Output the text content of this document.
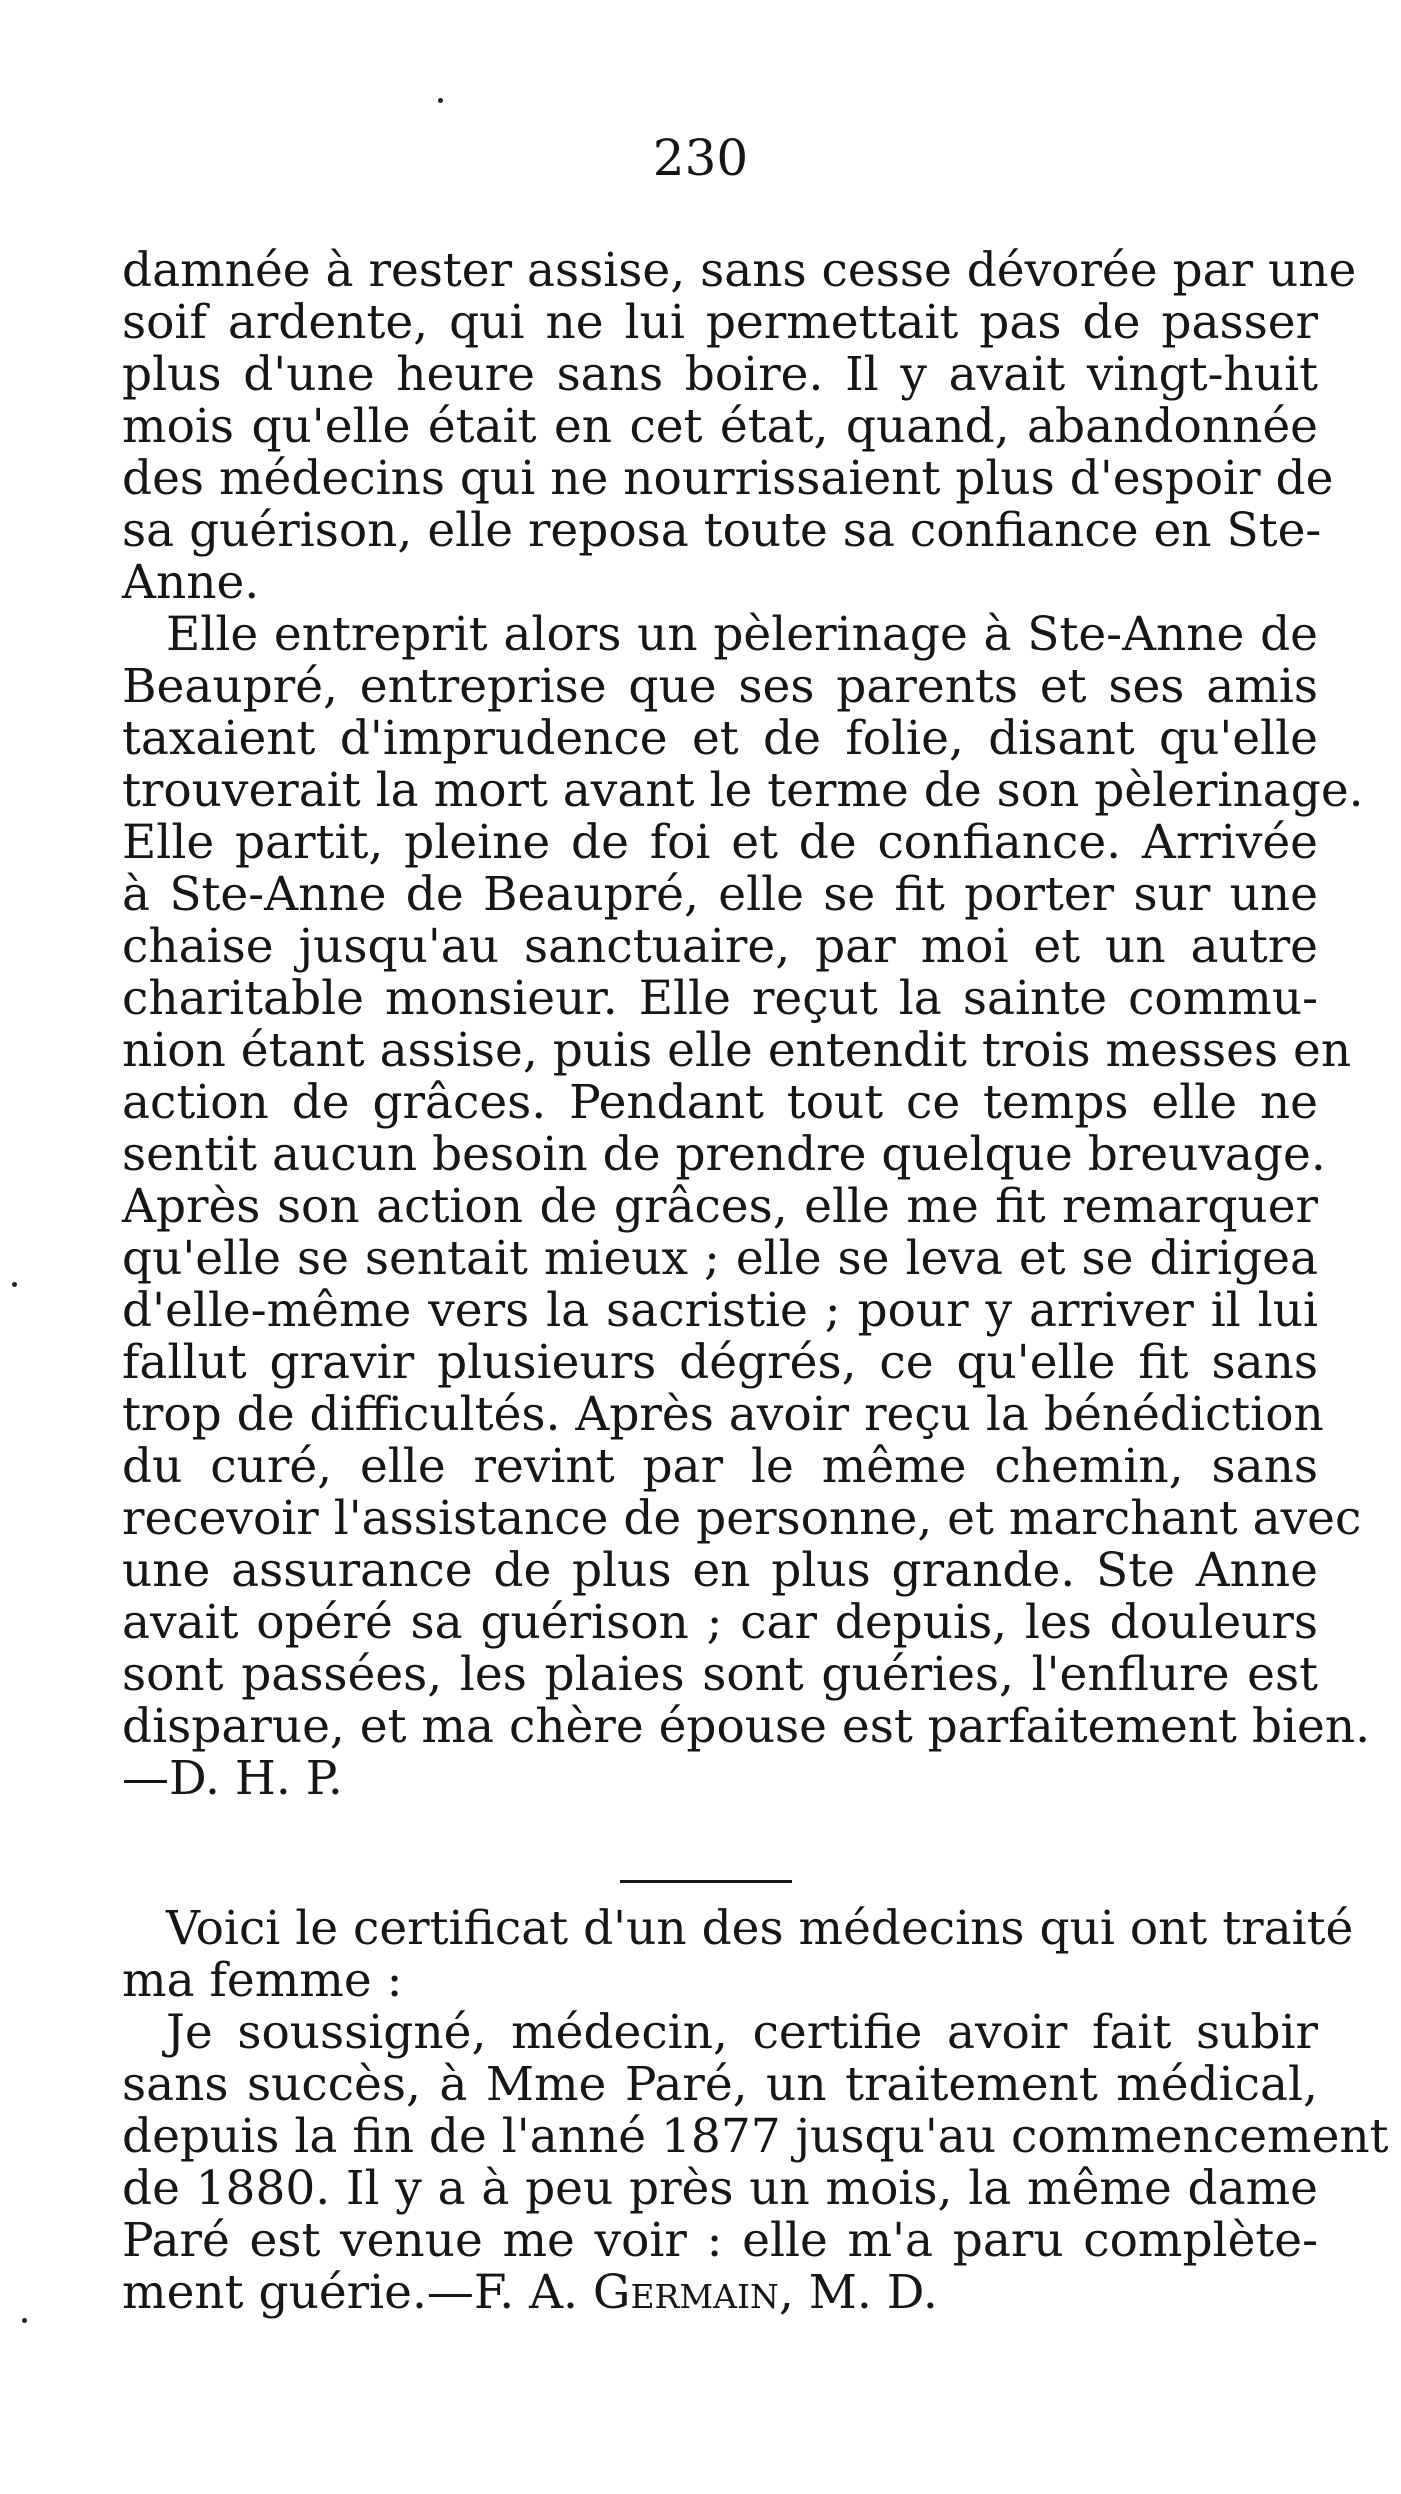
230
damnée à rester assise, sans cesse dévorée par une
soif ardente, qui ne lui permettait pas de passer
plus d'une heure sans boire. Il y avait vingt-huit
mois qu'elle était en cet état, quand, abandonnée
des médecins qui ne nourrissaient plus d'espoir de
sa guérison, elle reposa toute sa confiance en Ste-
Anne.
Elle entreprit alors un pèlerinage à Ste-Anne de
Beaupré, entreprise que ses parents et ses amis
taxaient d'imprudence et de folie, disant qu'elle
trouverait la mort avant le terme de son pèlerinage.
Elle partit, pleine de foi et de confiance. Arrivée
à Ste-Anne de Beaupré, elle se fit porter sur une
chaise jusqu'au sanctuaire, par moi et un autre
charitable monsieur. Elle reçut la sainte commu-
nion étant assise, puis elle entendit trois messes en
action de grâces. Pendant tout ce temps elle ne
sentit aucun besoin de prendre quelque breuvage.
Après son action de grâces, elle me fit remarquer
qu'elle se sentait mieux ; elle se leva et se dirigea
d'elle-même vers la sacristie ; pour y arriver il lui
fallut gravir plusieurs dégrés, ce qu'elle fit sans
trop de difficultés. Après avoir reçu la bénédiction
du curé, elle revint par le même chemin, sans
recevoir l'assistance de personne, et marchant avec
une assurance de plus en plus grande. Ste Anne
avait opéré sa guérison ; car depuis, les douleurs
sont passées, les plaies sont guéries, l'enflure est
disparue, et ma chère épouse est parfaitement bien.
—D. H. P.
Voici le certificat d'un des médecins qui ont traité
ma femme :
Je soussigné, médecin, certifie avoir fait subir
sans succès, à Mme Paré, un traitement médical,
depuis la fin de l'anné 1877 jusqu'au commencement
de 1880. Il y a à peu près un mois, la même dame
Paré est venue me voir : elle m'a paru complète-
ment guérie.—F. A. Germain, M. D.
